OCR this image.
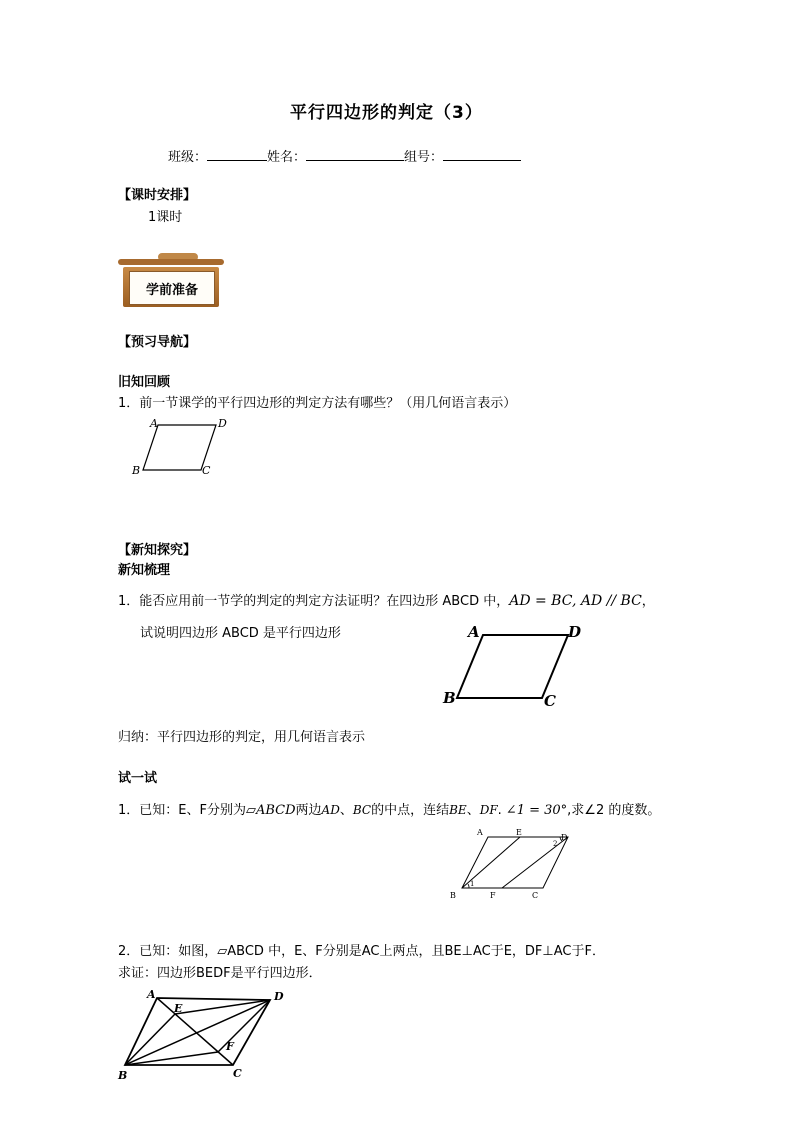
平行四边形的判定（3）
班级：	姓名：	组号：
【课时安排】
1课时
学前准备
【预习导航】
旧知回顾
1．前一节课学的平行四边形的判定方法有哪些？（用几何语言表示）
A	D
B	C
【新知探究】
新知梳理
1．能否应用前一节学的判定的判定方法证明？在四边形 ABCD 中，AD = BC, AD // BC，
试说明四边形 ABCD 是平行四边形	A	D
B	C
归纳：平行四边形的判定，用几何语言表示
试一试
1．已知：E、F分别为▱ABCD两边AD、BC的中点，连结BE、DF. ∠1 = 30°,求∠2 的度数。
A	E
D
B	F	C
1
2
2．已知：如图，▱ABCD 中，E、F分别是AC上两点，且BE⊥AC于E，DF⊥AC于F．
求证：四边形BEDF是平行四边形．
A
E
D
B
F
C
